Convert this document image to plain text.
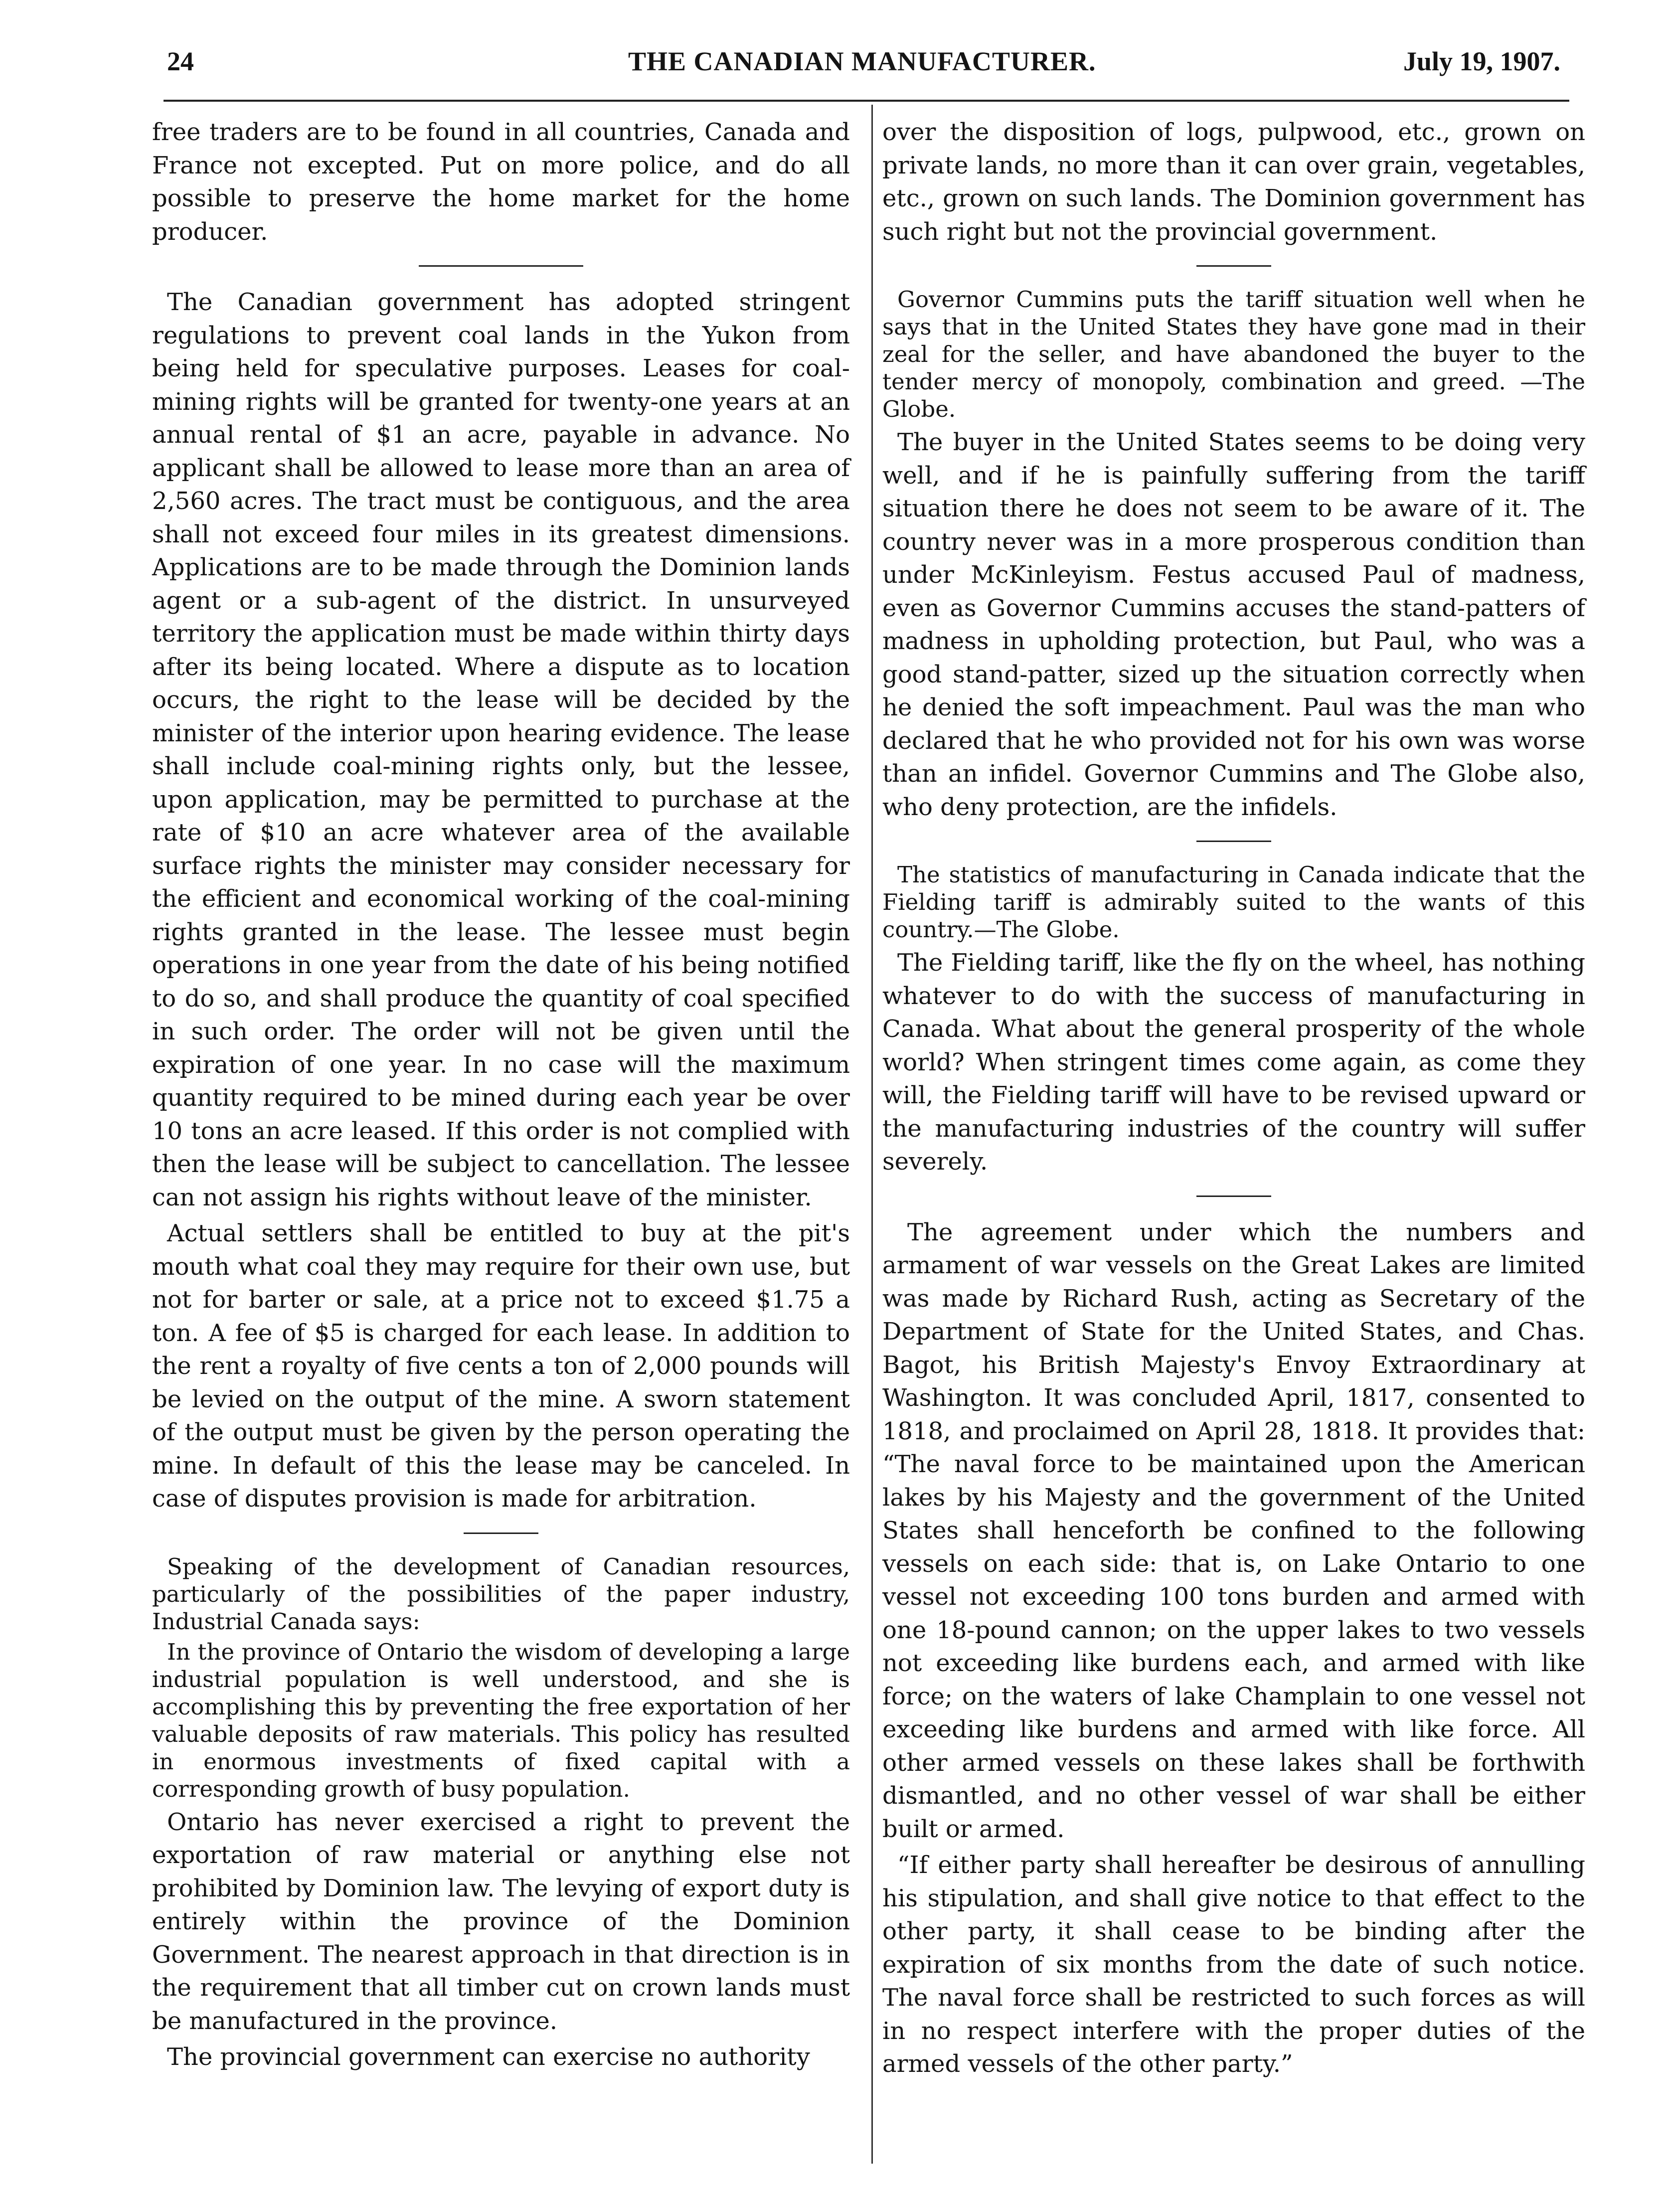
24	THE CANADIAN MANUFACTURER.	July 19, 1907.

free traders are to be found in all countries, Canada and France not excepted. Put on more police, and do all possible to preserve the home market for the home producer.

The Canadian government has adopted stringent regulations to prevent coal lands in the Yukon from being held for speculative purposes. Leases for coal-mining rights will be granted for twenty-one years at an annual rental of $1 an acre, payable in advance. No applicant shall be allowed to lease more than an area of 2,560 acres. The tract must be contiguous, and the area shall not exceed four miles in its greatest dimensions. Applications are to be made through the Dominion lands agent or a sub-agent of the district. In unsurveyed territory the application must be made within thirty days after its being located. Where a dispute as to location occurs, the right to the lease will be decided by the minister of the interior upon hearing evidence. The lease shall include coal-mining rights only, but the lessee, upon application, may be permitted to purchase at the rate of $10 an acre whatever area of the available surface rights the minister may consider necessary for the efficient and economical working of the coal-mining rights granted in the lease. The lessee must begin operations in one year from the date of his being notified to do so, and shall produce the quantity of coal specified in such order. The order will not be given until the expiration of one year. In no case will the maximum quantity required to be mined during each year be over 10 tons an acre leased. If this order is not complied with then the lease will be subject to cancellation. The lessee can not assign his rights without leave of the minister.

Actual settlers shall be entitled to buy at the pit's mouth what coal they may require for their own use, but not for barter or sale, at a price not to exceed $1.75 a ton. A fee of $5 is charged for each lease. In addition to the rent a royalty of five cents a ton of 2,000 pounds will be levied on the output of the mine. A sworn statement of the output must be given by the person operating the mine. In default of this the lease may be canceled. In case of disputes provision is made for arbitration.

Speaking of the development of Canadian resources, particularly of the possibilities of the paper industry, Industrial Canada says:

In the province of Ontario the wisdom of developing a large industrial population is well understood, and she is accomplishing this by preventing the free exportation of her valuable deposits of raw materials. This policy has resulted in enormous investments of fixed capital with a corresponding growth of busy population.

Ontario has never exercised a right to prevent the exportation of raw material or anything else not prohibited by Dominion law. The levying of export duty is entirely within the province of the Dominion Government. The nearest approach in that direction is in the requirement that all timber cut on crown lands must be manufactured in the province.

The provincial government can exercise no authority

over the disposition of logs, pulpwood, etc., grown on private lands, no more than it can over grain, vegetables, etc., grown on such lands. The Dominion government has such right but not the provincial government.

Governor Cummins puts the tariff situation well when he says that in the United States they have gone mad in their zeal for the seller, and have abandoned the buyer to the tender mercy of monopoly, combination and greed. —The Globe.

The buyer in the United States seems to be doing very well, and if he is painfully suffering from the tariff situation there he does not seem to be aware of it. The country never was in a more prosperous condition than under McKinleyism. Festus accused Paul of madness, even as Governor Cummins accuses the stand-patters of madness in upholding protection, but Paul, who was a good stand-patter, sized up the situation correctly when he denied the soft impeachment. Paul was the man who declared that he who provided not for his own was worse than an infidel. Governor Cummins and The Globe also, who deny protection, are the infidels.

The statistics of manufacturing in Canada indicate that the Fielding tariff is admirably suited to the wants of this country.—The Globe.

The Fielding tariff, like the fly on the wheel, has nothing whatever to do with the success of manufacturing in Canada. What about the general prosperity of the whole world? When stringent times come again, as come they will, the Fielding tariff will have to be revised upward or the manufacturing industries of the country will suffer severely.

The agreement under which the numbers and armament of war vessels on the Great Lakes are limited was made by Richard Rush, acting as Secretary of the Department of State for the United States, and Chas. Bagot, his British Majesty's Envoy Extraordinary at Washington. It was concluded April, 1817, consented to 1818, and proclaimed on April 28, 1818. It provides that: “The naval force to be maintained upon the American lakes by his Majesty and the government of the United States shall henceforth be confined to the following vessels on each side: that is, on Lake Ontario to one vessel not exceeding 100 tons burden and armed with one 18-pound cannon; on the upper lakes to two vessels not exceeding like burdens each, and armed with like force; on the waters of lake Champlain to one vessel not exceeding like burdens and armed with like force. All other armed vessels on these lakes shall be forthwith dismantled, and no other vessel of war shall be either built or armed.

“If either party shall hereafter be desirous of annulling his stipulation, and shall give notice to that effect to the other party, it shall cease to be binding after the expiration of six months from the date of such notice. The naval force shall be restricted to such forces as will in no respect interfere with the proper duties of the armed vessels of the other party.”
